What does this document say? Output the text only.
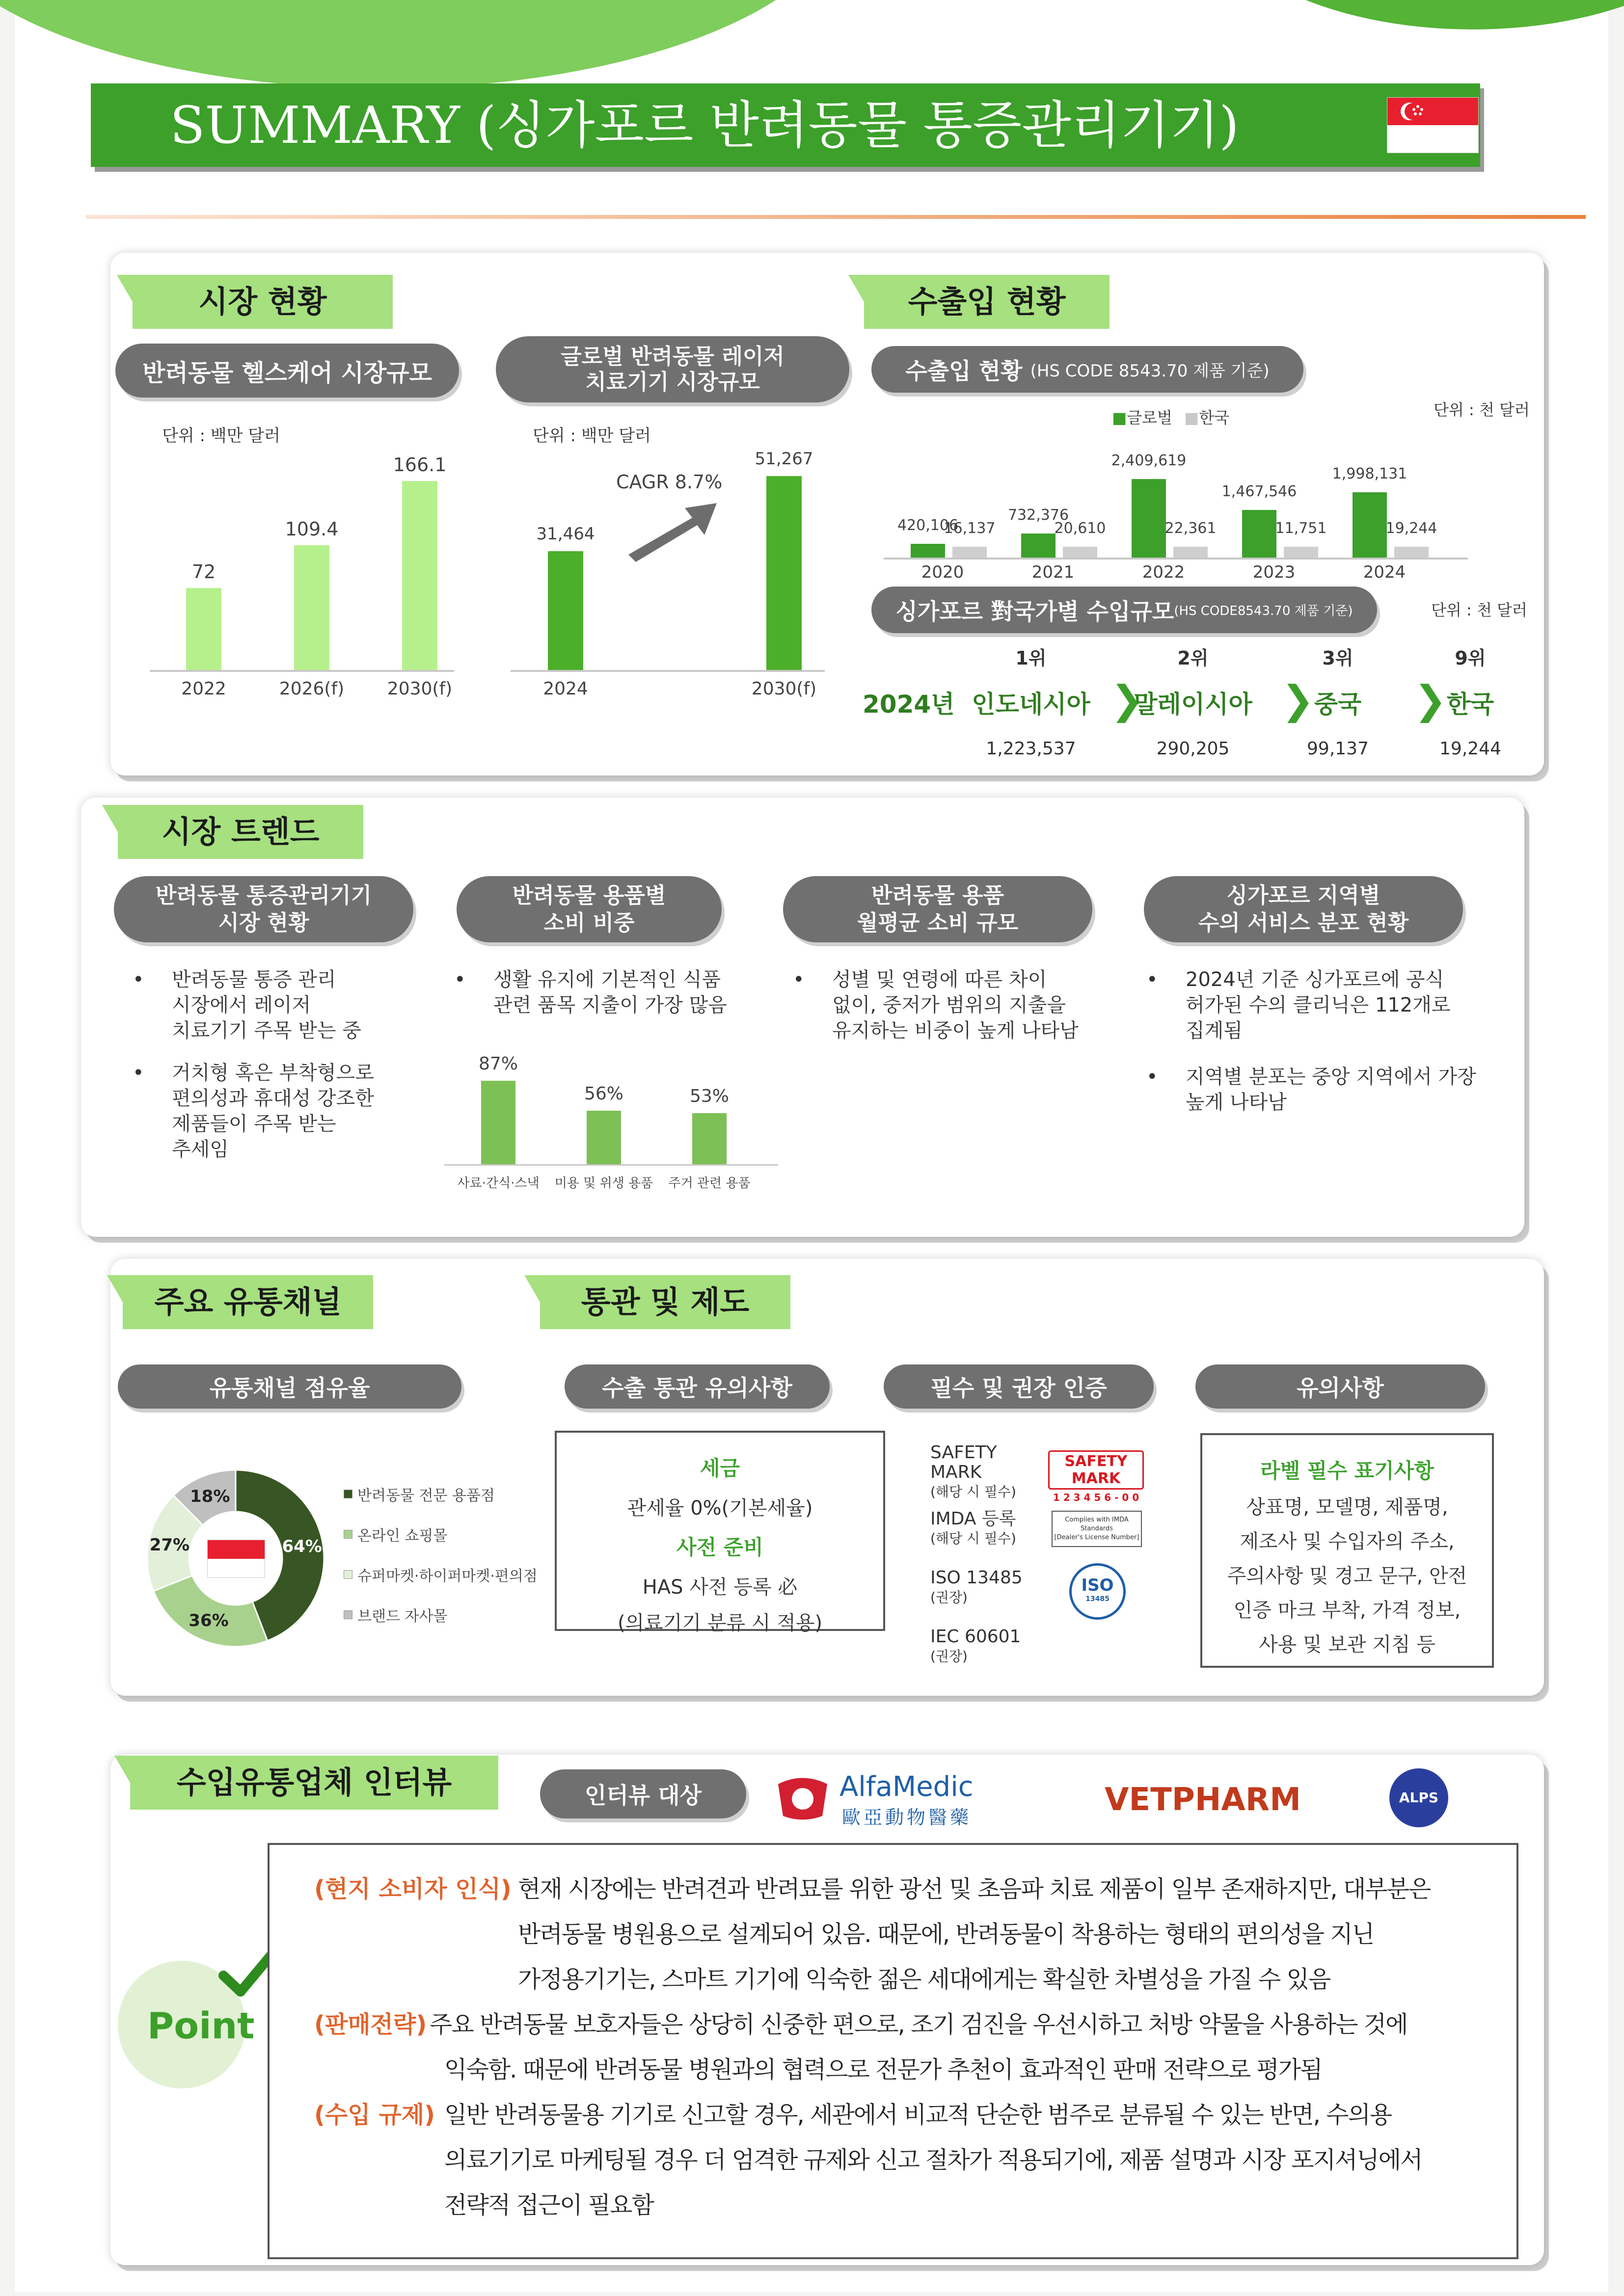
SUMMARY (싱가포르 반려동물 통증관리기기)
시장 현황	수출입 현황
반려동물 헬스케어 시장규모
단위 : 백만 달러
글로벌 반려동물 레이저
치료기기 시장규모
단위 : 백만 달러
CAGR 8.7%
수출입 현황
(HS CODE 8543.70 제품 기준)
단위 : 천 달러
■글로벌 ■한국
싱가포르 對국가별 수입규모 (HS CODE8543.70 제품 기준)	단위 : 천 달러
2024년
시장 트렌드
반려동물 통증관리기기
시장 현황
• 반려동물 통증 관리
시장에서 레이저
치료기기 주목 받는 중
• 거치형 혹은 부착형으로
편의성과 휴대성 강조한
제품들이 주목 받는
추세임
반려동물 용품별
소비 비중
• 생활 유지에 기본적인 식품
관련 품목 지출이 가장 많음
반려동물 용품
월평균 소비 규모
• 성별 및 연령에 따른 차이
없이, 중저가 범위의 지출을
유지하는 비중이 높게 나타남
싱가포르 지역별
수의 서비스 분포 현황
• 2024년 기준 싱가포르에 공식
허가된 수의 클리닉은 112개로
집계됨
• 지역별 분포는 중앙 지역에서 가장
높게 나타남
주요 유통채널	통관 및 제도
유통채널 점유율	수출 통관 유의사항
세금
관세율 0%(기본세율)
사전 준비
HAS 사전 등록 必
(의료기기 분류 시 적용)
필수 및 권장 인증
SAFETY
MARK
(해당 시 필수)
SAFETY MARK
1 2 3 4 5 6 - 0 0
IMDA 등록
(해당 시 필수)
Complies with IMDA Standards
[Dealer's License Number]
ISO 13485
(권장)
ISO
13485
IEC 60601
(권장)
유의사항
라벨 필수 표기사항
상표명, 모델명, 제품명,
제조사 및 수입자의 주소,
주의사항 및 경고 문구, 안전
인증 마크 부착, 가격 정보,
사용 및 보관 지침 등
수입유통업체 인터뷰	인터뷰 대상	AlfaMedic
歐亞動物醫藥	VETPHARM	ALPS
Point
72
2022
109.4
2026(f)
166.1
2030(f)
31,464
2024
51,267
2030(f)
87%
사료·간식·스낵
56%
미용 및 위생 용품
53%
주거 관련 용품
420,106
16,137
2020
732,376
20,610
2021
2,409,619
22,361
2022
1,467,546
11,751
2023
1,998,131
19,244
2024
1위
인도네시아
1,223,537
2위
말레이시아
290,205
3위
중국
99,137
9위
한국
19,244
❯	❯	❯
64%
36%
27%
18%	반려동물 전문 용품점
온라인 쇼핑몰
슈퍼마켓·하이퍼마켓·편의점
브랜드 자사몰
(현지 소비자 인식) 현재 시장에는 반려견과 반려묘를 위한 광선 및 초음파 치료 제품이 일부 존재하지만, 대부분은
반려동물 병원용으로 설계되어 있음. 때문에, 반려동물이 착용하는 형태의 편의성을 지닌
가정용기기는, 스마트 기기에 익숙한 젊은 세대에게는 확실한 차별성을 가질 수 있음
(판매전략) 주요 반려동물 보호자들은 상당히 신중한 편으로, 조기 검진을 우선시하고 처방 약물을 사용하는 것에
익숙함. 때문에 반려동물 병원과의 협력으로 전문가 추천이 효과적인 판매 전략으로 평가됨
(수입 규제) 일반 반려동물용 기기로 신고할 경우, 세관에서 비교적 단순한 범주로 분류될 수 있는 반면, 수의용
의료기기로 마케팅될 경우 더 엄격한 규제와 신고 절차가 적용되기에, 제품 설명과 시장 포지셔닝에서
전략적 접근이 필요함
